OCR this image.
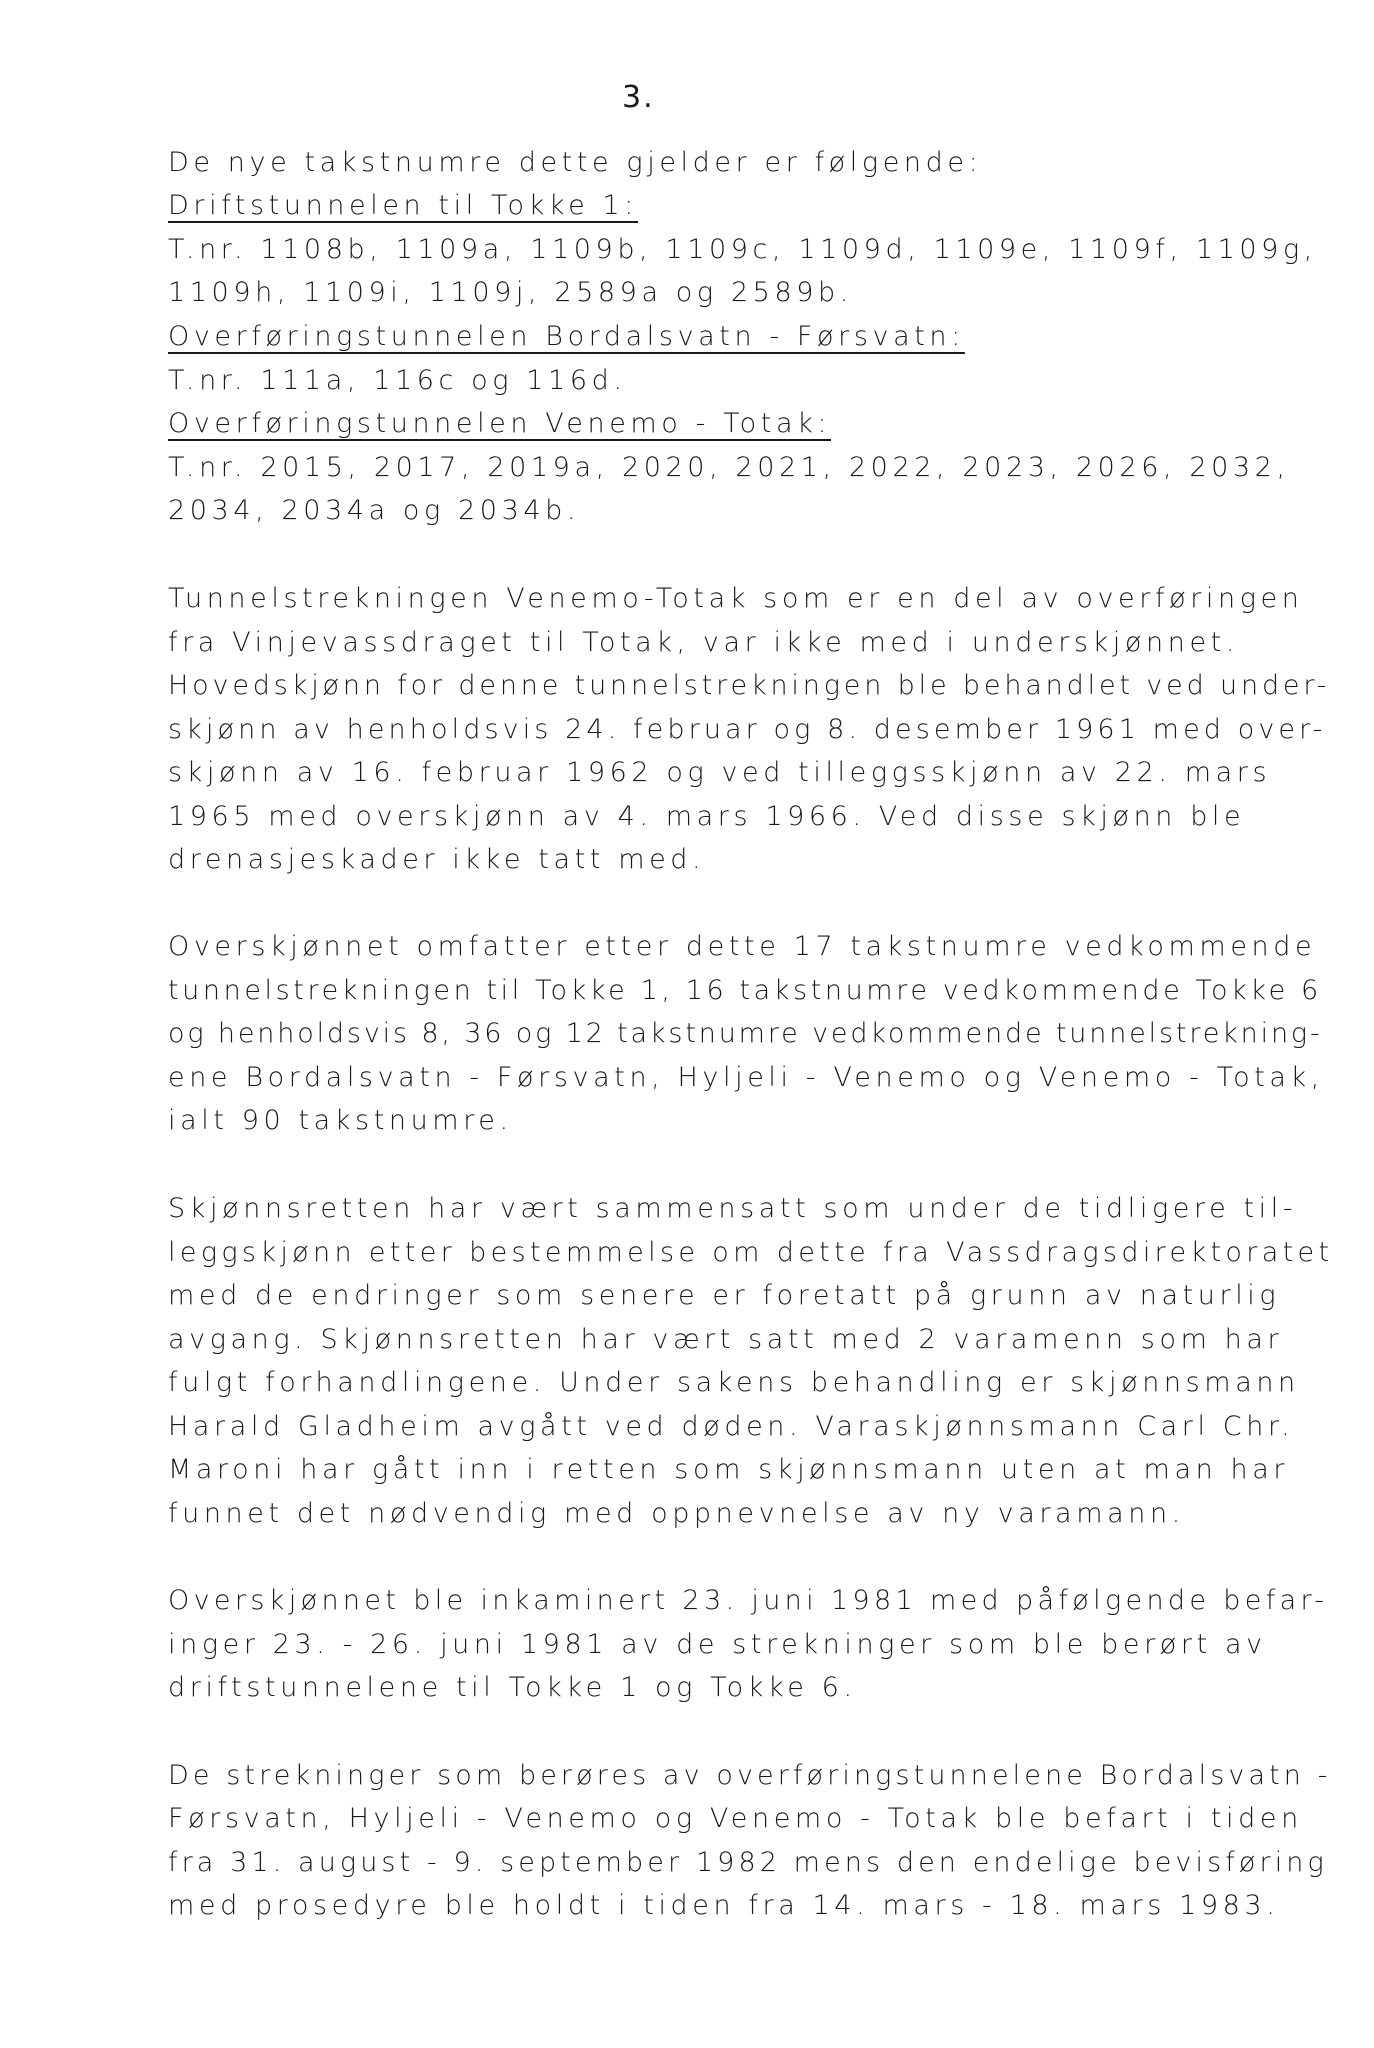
3.
De nye takstnumre dette gjelder er følgende:
Driftstunnelen til Tokke 1:
T.nr. 1108b, 1109a, 1109b, 1109c, 1109d, 1109e, 1109f, 1109g,
1109h, 1109i, 1109j, 2589a og 2589b.
Overføringstunnelen Bordalsvatn - Førsvatn:
T.nr. 111a, 116c og 116d.
Overføringstunnelen Venemo - Totak:
T.nr. 2015, 2017, 2019a, 2020, 2021, 2022, 2023, 2026, 2032,
2034, 2034a og 2034b.
Tunnelstrekningen Venemo-Totak som er en del av overføringen
fra Vinjevassdraget til Totak, var ikke med i underskjønnet.
Hovedskjønn for denne tunnelstrekningen ble behandlet ved under-
skjønn av henholdsvis 24. februar og 8. desember 1961 med over-
skjønn av 16. februar 1962 og ved tilleggsskjønn av 22. mars
1965 med overskjønn av 4. mars 1966. Ved disse skjønn ble
drenasjeskader ikke tatt med.
Overskjønnet omfatter etter dette 17 takstnumre vedkommende
tunnelstrekningen til Tokke 1, 16 takstnumre vedkommende Tokke 6
og henholdsvis 8, 36 og 12 takstnumre vedkommende tunnelstrekning-
ene Bordalsvatn - Førsvatn, Hyljeli - Venemo og Venemo - Totak,
ialt 90 takstnumre.
Skjønnsretten har vært sammensatt som under de tidligere til-
leggskjønn etter bestemmelse om dette fra Vassdragsdirektoratet
med de endringer som senere er foretatt på grunn av naturlig
avgang. Skjønnsretten har vært satt med 2 varamenn som har
fulgt forhandlingene. Under sakens behandling er skjønnsmann
Harald Gladheim avgått ved døden. Varaskjønnsmann Carl Chr.
Maroni har gått inn i retten som skjønnsmann uten at man har
funnet det nødvendig med oppnevnelse av ny varamann.
Overskjønnet ble inkaminert 23. juni 1981 med påfølgende befar-
inger 23. - 26. juni 1981 av de strekninger som ble berørt av
driftstunnelene til Tokke 1 og Tokke 6.
De strekninger som berøres av overføringstunnelene Bordalsvatn -
Førsvatn, Hyljeli - Venemo og Venemo - Totak ble befart i tiden
fra 31. august - 9. september 1982 mens den endelige bevisføring
med prosedyre ble holdt i tiden fra 14. mars - 18. mars 1983.
